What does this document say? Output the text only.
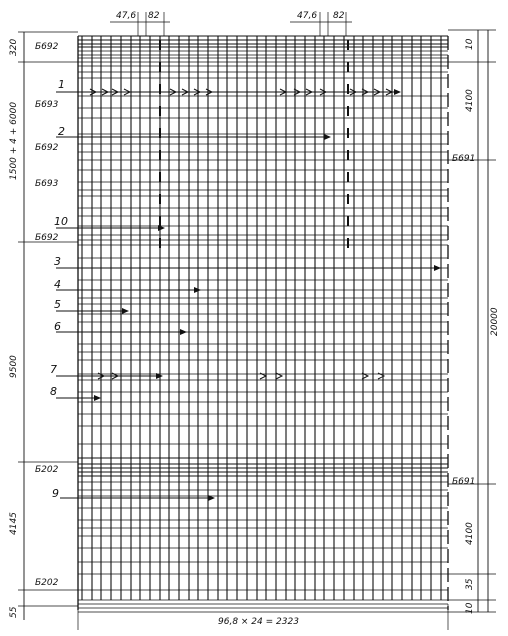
47,6 82	47,6 82
320
1500 + 4 + 6000
9500
4145
55
10
4100
20000
4100
35
10
96,8 × 24 = 2323
Б692
Б693
Б692
Б693
Б692
Б202
Б202
Б691
Б691
1
2
10
3
4
5
6
7
8
9
